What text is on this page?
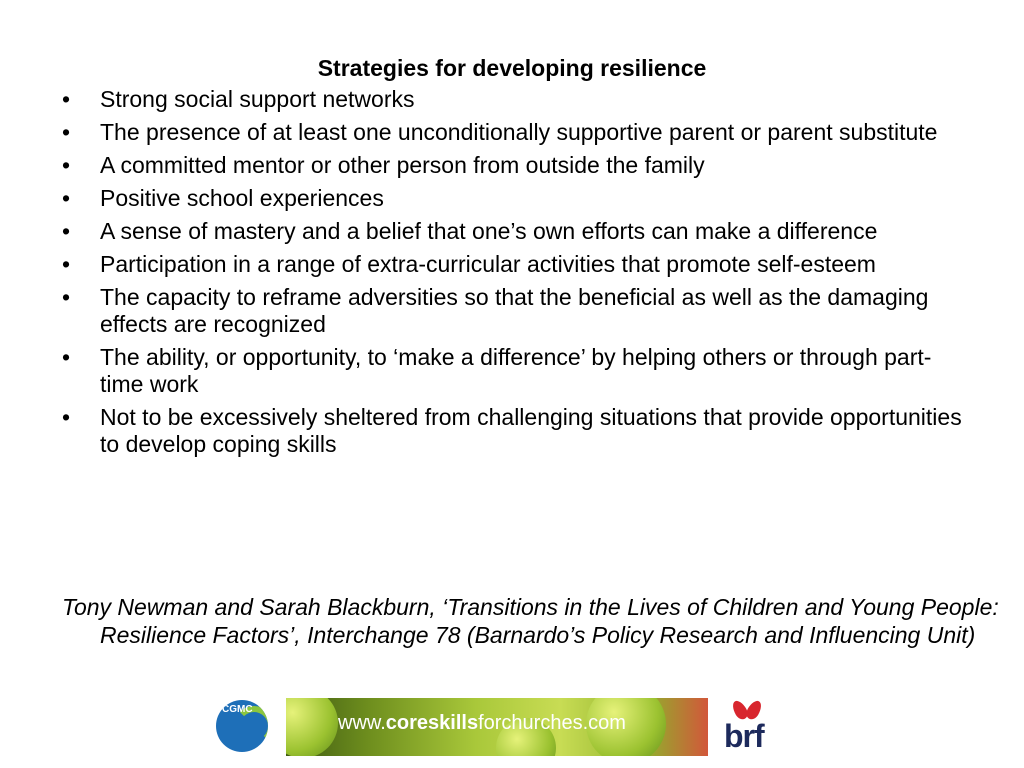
Strategies for developing resilience
•	Strong social support networks
•	The presence of at least one unconditionally supportive parent or parent substitute
•	A committed mentor or other person from outside the family
•	Positive school experiences
•	A sense of mastery and a belief that one’s own efforts can make a difference
•	Participation in a range of extra-curricular activities that promote self-esteem
•	The capacity to reframe adversities so that the beneficial as well as the damaging effects are recognized
•	The ability, or opportunity, to ‘make a difference’ by helping others or through part-time work
•	Not to be excessively sheltered from challenging situations that provide opportunities to develop coping skills
Tony Newman and Sarah Blackburn, ‘Transitions in the Lives of Children and Young People: Resilience Factors’, Interchange 78 (Barnardo’s Policy Research and Influencing Unit)
CGMC
www.coreskillsforchurches.com	brf
